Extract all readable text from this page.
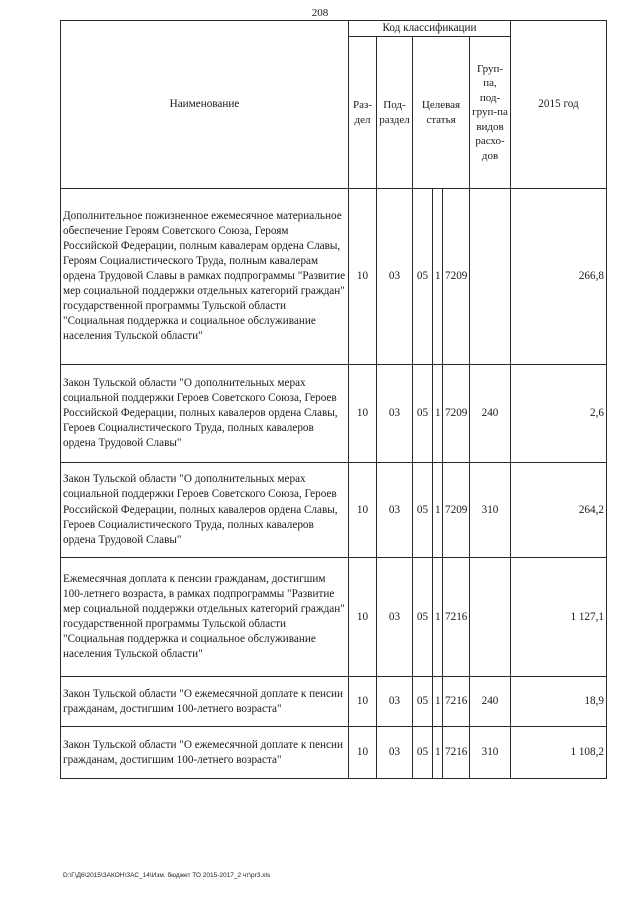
208
Наименование	Код классификации						2015 год
	Раз-дел	Под-раздел	Целевая статья			Груп-па, под-груп-па видов расхо-дов	
Дополнительное пожизненное ежемесячное материальное обеспечение Героям Советского Союза, Героям Российской Федерации, полным кавалерам ордена Славы, Героям Социалистического Труда, полным кавалерам ордена Трудовой Славы в рамках подпрограммы "Развитие мер социальной поддержки отдельных категорий граждан" государственной программы Тульской области "Социальная поддержка и социальное обслуживание населения Тульской области"	10	03	05	1	7209		266,8
Закон Тульской области "О дополнительных мерах социальной поддержки Героев Советского Союза, Героев Российской Федерации, полных кавалеров ордена Славы, Героев Социалистического Труда, полных кавалеров ордена Трудовой Славы"	10	03	05	1	7209	240	2,6
Закон Тульской области "О дополнительных мерах социальной поддержки Героев Советского Союза, Героев Российской Федерации, полных кавалеров ордена Славы, Героев Социалистического Труда, полных кавалеров ордена Трудовой Славы"	10	03	05	1	7209	310	264,2
Ежемесячная доплата к пенсии гражданам, достигшим 100-летнего возраста, в рамках подпрограммы "Развитие мер социальной поддержки отдельных категорий граждан" государственной программы Тульской области "Социальная поддержка и социальное обслуживание населения Тульской области"	10	03	05	1	7216		1 127,1
Закон Тульской области "О ежемесячной доплате к пенсии гражданам, достигшим 100-летнего возраста"	10	03	05	1	7216	240	18,9
Закон Тульской области "О ежемесячной доплате к пенсии гражданам, достигшим 100-летнего возраста"	10	03	05	1	7216	310	1 108,2
D:\Г\Д6\2015\ЗАКОН\ЗАС_14\Изм. бюджет ТО 2015-2017_2 чт\pr3.xls
